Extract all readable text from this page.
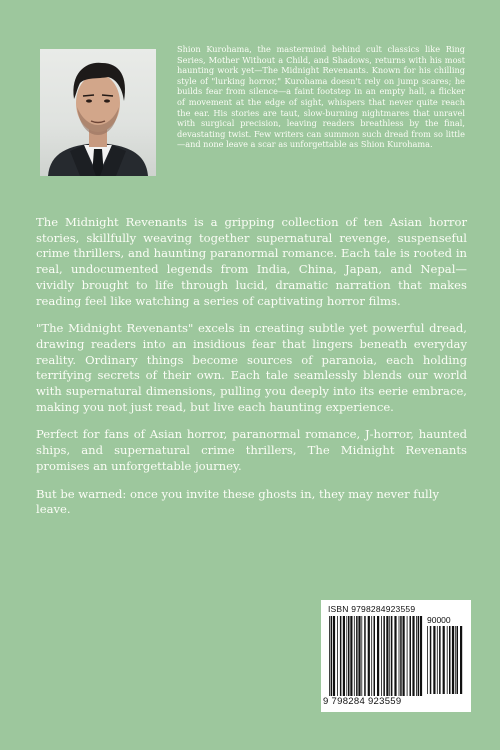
Shion Kurohama, the mastermind behind cult classics like Ring Series, Mother Without a Child, and Shadows, returns with his most haunting work yet—The Midnight Revenants. Known for his chilling style of "lurking horror," Kurohama doesn't rely on jump scares; he builds fear from silence—a faint footstep in an empty hall, a flicker of movement at the edge of sight, whispers that never quite reach the ear. His stories are taut, slow-burning nightmares that unravel with surgical precision, leaving readers breathless by the final, devastating twist. Few writers can summon such dread from so little—and none leave a scar as unforgettable as Shion Kurohama.

The Midnight Revenants is a gripping collection of ten Asian horror stories, skillfully weaving together supernatural revenge, suspenseful crime thrillers, and haunting paranormal romance. Each tale is rooted in real, undocumented legends from India, China, Japan, and Nepal—vividly brought to life through lucid, dramatic narration that makes reading feel like watching a series of captivating horror films.

"The Midnight Revenants" excels in creating subtle yet powerful dread, drawing readers into an insidious fear that lingers beneath everyday reality. Ordinary things become sources of paranoia, each holding terrifying secrets of their own. Each tale seamlessly blends our world with supernatural dimensions, pulling you deeply into its eerie embrace, making you not just read, but live each haunting experience.

Perfect for fans of Asian horror, paranormal romance, J-horror, haunted ships, and supernatural crime thrillers, The Midnight Revenants promises an unforgettable journey.

But be warned: once you invite these ghosts in, they may never fully leave.

ISBN 9798284923559
90000
9 798284 923559
